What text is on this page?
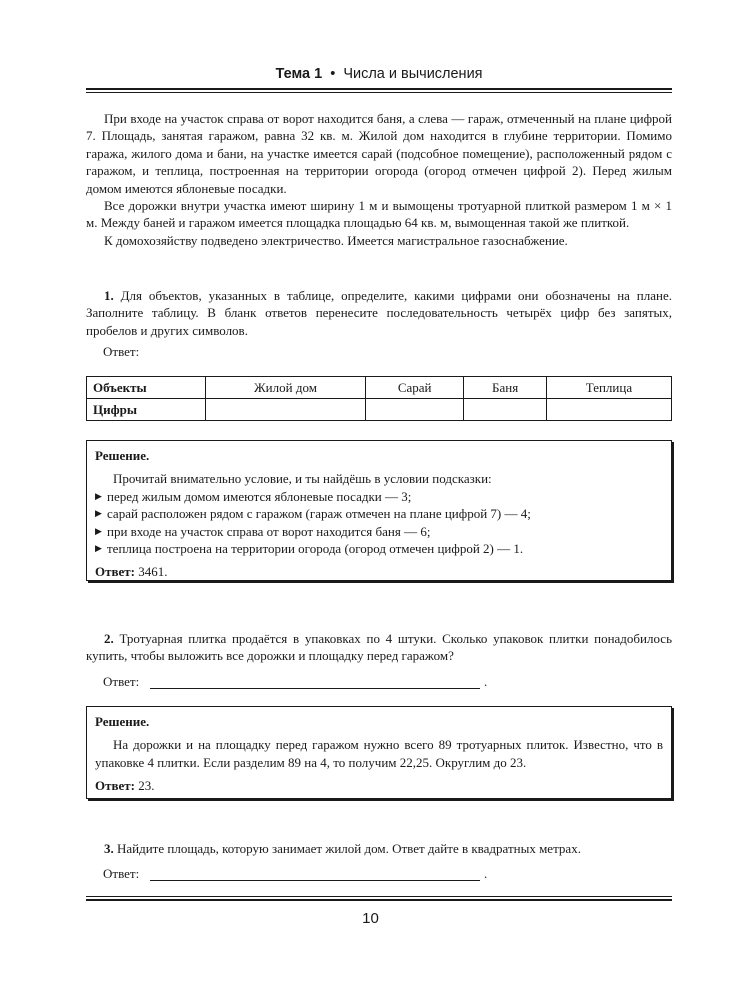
Тема 1 • Числа и вычисления

При входе на участок справа от ворот находится баня, а слева — гараж, отмеченный на плане цифрой 7. Площадь, занятая гаражом, равна 32 кв. м. Жилой дом находится в глубине территории. Помимо гаража, жилого дома и бани, на участке имеется сарай (подсобное помещение), расположенный рядом с гаражом, и теплица, построенная на территории огорода (огород отмечен цифрой 2). Перед жилым домом имеются яблоневые посадки.

Все дорожки внутри участка имеют ширину 1 м и вымощены тротуарной плиткой размером 1 м × 1 м. Между баней и гаражом имеется площадка площадью 64 кв. м, вымощенная такой же плиткой.

К домохозяйству подведено электричество. Имеется магистральное газоснабжение.

1. Для объектов, указанных в таблице, определите, какими цифрами они обозначены на плане. Заполните таблицу. В бланк ответов перенесите последовательность четырёх цифр без запятых, пробелов и других символов.

Ответ:
Объекты	Жилой дом	Сарай	Баня	Теплица
Цифры				
Решение.

Прочитай внимательно условие, и ты найдёшь в условии подсказки:

▶ перед жилым домом имеются яблоневые посадки — 3;
▶ сарай расположен рядом с гаражом (гараж отмечен на плане цифрой 7) — 4;
▶ при входе на участок справа от ворот находится баня — 6;
▶ теплица построена на территории огорода (огород отмечен цифрой 2) — 1.
Ответ: 3461.

2. Тротуарная плитка продаётся в упаковках по 4 штуки. Сколько упаковок плитки понадобилось купить, чтобы выложить все дорожки и площадку перед гаражом?

Ответ:	.
Решение.

На дорожки и на площадку перед гаражом нужно всего 89 тротуарных плиток. Известно, что в упаковке 4 плитки. Если разделим 89 на 4, то получим 22,25. Округлим до 23.

Ответ: 23.

3. Найдите площадь, которую занимает жилой дом. Ответ дайте в квадратных метрах.

Ответ:	.
10
